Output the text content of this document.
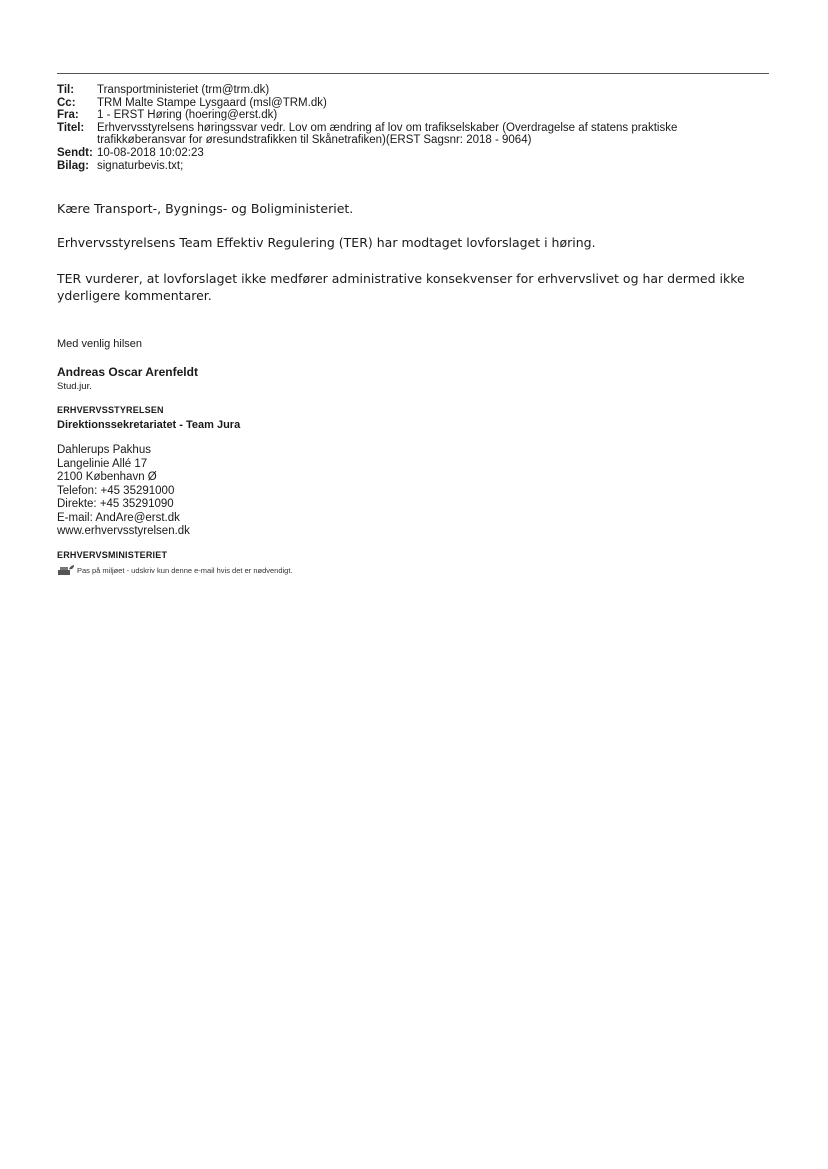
Til:	Transportministeriet (trm@trm.dk)
Cc:	TRM Malte Stampe Lysgaard (msl@TRM.dk)
Fra:	1 - ERST Høring (hoering@erst.dk)
Titel:	Erhvervsstyrelsens høringssvar vedr. Lov om ændring af lov om trafikselskaber (Overdragelse af statens praktiske
trafikkøberansvar for øresundstrafikken til Skånetrafiken)(ERST Sagsnr: 2018 - 9064)
Sendt: 10-08-2018 10:02:23
Bilag: signaturbevis.txt;
Kære Transport-, Bygnings- og Boligministeriet.
Erhvervsstyrelsens Team Effektiv Regulering (TER) har modtaget lovforslaget i høring.
TER vurderer, at lovforslaget ikke medfører administrative konsekvenser for erhvervslivet og har dermed ikke yderligere kommentarer.
Med venlig hilsen
Andreas Oscar Arenfeldt
Stud.jur.
ERHVERVSSTYRELSEN
Direktionssekretariatet - Team Jura
Dahlerups Pakhus
Langelinie Allé 17
2100 København Ø
Telefon: +45 35291000
Direkte: +45 35291090
E-mail: AndAre@erst.dk
www.erhvervsstyrelsen.dk
ERHVERVSMINISTERIET
Pas på miljøet - udskriv kun denne e-mail hvis det er nødvendigt.
